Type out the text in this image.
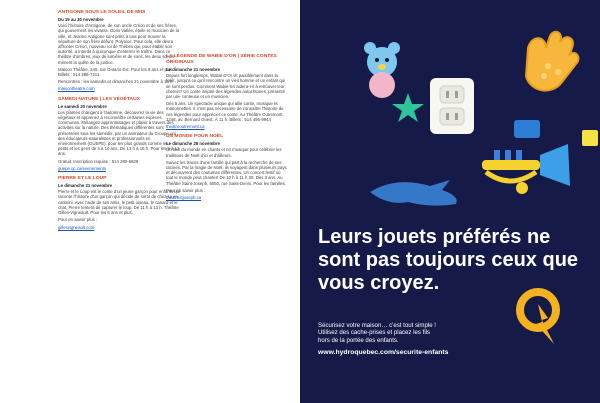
ANTIGONE SOUS LE SOLEIL DE MIDI
Du 19 au 30 novembre

Voici l'histoire d'Antigone, de son oncle Créon et de ses frères, qui gouvernent les vivants. Doris Vallée, étoile et musicien de la ville, et Jeanne Antigone sont prêts à tout pour trouver la sépulture de son frère défunt. Polynice. Pour cela, elle devra affronter Créon, nouveau roi de Thèbes qui, pour établir son autorité, a interdit à quiconque d'enterrer le traître. Dans ce théâtre d'ombres, jeux de lumière et de sons, les deux sœurs mènent la quête de la justice.

Maison Théâtre, 245, rue Ontario Est. Pour les 8 ans et plus. Billets : 514 288-7211

Rencontres : les samedis et dimanches 21 novembre à 18 h.

maisontheatre.com
SAMEDI NATURE | LES VÉGÉTAUX
Le samedi 20 novembre

Les plantes changent à l'automne, découvrez la vie des végétaux et apprenez à reconnaître certaines espèces communes. Mélangez apprentissages et plaisir à travers des activités sur la nature. Des thématiques différentes sont présentées tous les samedis, par un animateur du Groupe uni des éducateurs-naturalistes et professionnels en environnement (GUEPE), pour les plus grands comme les petits et les gens de 4 à 10 ans. De 13 h à 16 h. Pour les 6 à 12 ans.

Gratuit. Inscription requise : 514 280-6829

guepe.qc.ca/evenements
PIERRE ET LE LOUP
Le dimanche 21 novembre

Pierre et le Loup est le conte d'un jeune garçon pour enfants qui raconte l'histoire d'un garçon qui décide de sortir de chez lui en catimini. Avec l'aide de ses amis, le petit oiseau, le canard et le chat, Pierre tentera de capturer le loup. De 11 h à 13 h. Théâtre Gilles-Vigneault. Pour les 5 ans et plus.

Pour en savoir plus :

gillesvigneault.com
LA LÉGENDE DE WABIE D'OR | SÉRIE CONTES ORIGINAUX
Le dimanche 21 novembre

Depuis fort longtemps, Wabie D'Or vit paisiblement dans la forêt, jusqu'à ce qu'il rencontre un vieil homme et un enfant qui se sont perdus. Comment Wabie les aidera-t-il à retrouver leur chemin? Un conte inspiré des légendes autochtones, présenté par une conteuse et un musicien.

Dès 5 ans. Un spectacle unique qui allie conte, musique et marionnettes. Il n'est pas nécessaire de connaître l'histoire de ces légendes pour apprécier ce conte. Au Théâtre Outremont, 1248, av. Bernard Ouest. À 11 h. Billets : 514 495-9944

theatreoutremont.ca
UN MONDE POUR NOËL
Le dimanche 28 novembre

Un tour du monde en chants et en musique pour célébrer les traditions de Noël d'ici et d'ailleurs.

Suivez les traces d'une famille qui part à la recherche de ses racines. Par la magie de Noël, ils voyagent dans plusieurs pays et découvrent des coutumes différentes. Un concert festif où tout le monde peut chanter! De 10 h à 11 h 30. Dès 3 ans. Au Théâtre Saint-Joseph, 5050, rue Saint-Denis. Pour les familles.

Pour en savoir plus :

theatrestjoseph.ca
Leurs jouets préférés ne sont pas toujours ceux que vous croyez.
Sécurisez votre maison… c'est tout simple !
Utilisez des cache-prises et placez les fils
hors de la portée des enfants.
www.hydroquebec.com/securite-enfants
